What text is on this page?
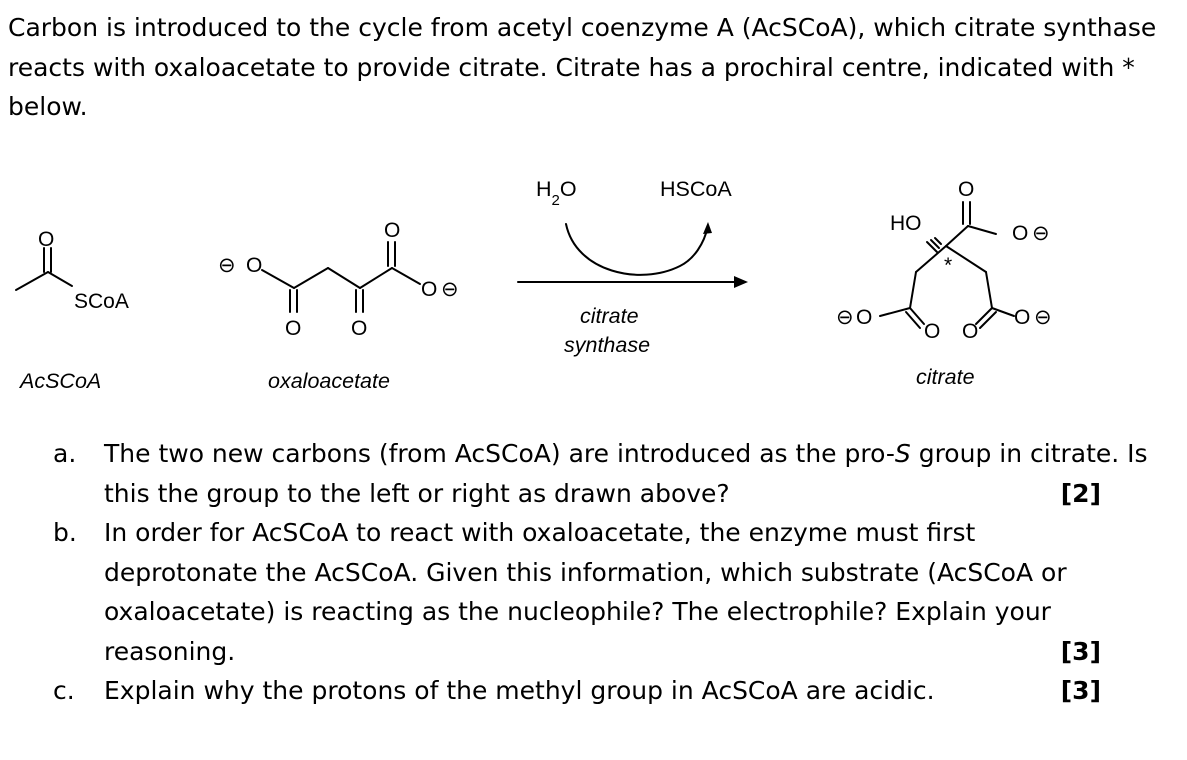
Carbon is introduced to the cycle from acetyl coenzyme A (AcSCoA), which citrate synthase reacts with oxaloacetate to provide citrate. Citrate has a prochiral centre, indicated with * below.

O
SCoA
AcSCoA
⊖ O
O
O O
O ⊖
oxaloacetate
$H_2O$	HSCoA
citrate
synthase
HO
O
O ⊖
*
⊖ O
O O
O ⊖
citrate
a. The two new carbons (from AcSCoA) are introduced as the pro-S group in citrate. Is this the group to the left or right as drawn above?	[2]
b. In order for AcSCoA to react with oxaloacetate, the enzyme must first deprotonate the AcSCoA. Given this information, which substrate (AcSCoA or oxaloacetate) is reacting as the nucleophile? The electrophile? Explain your reasoning.	[3]
c. Explain why the protons of the methyl group in AcSCoA are acidic.	[3]
